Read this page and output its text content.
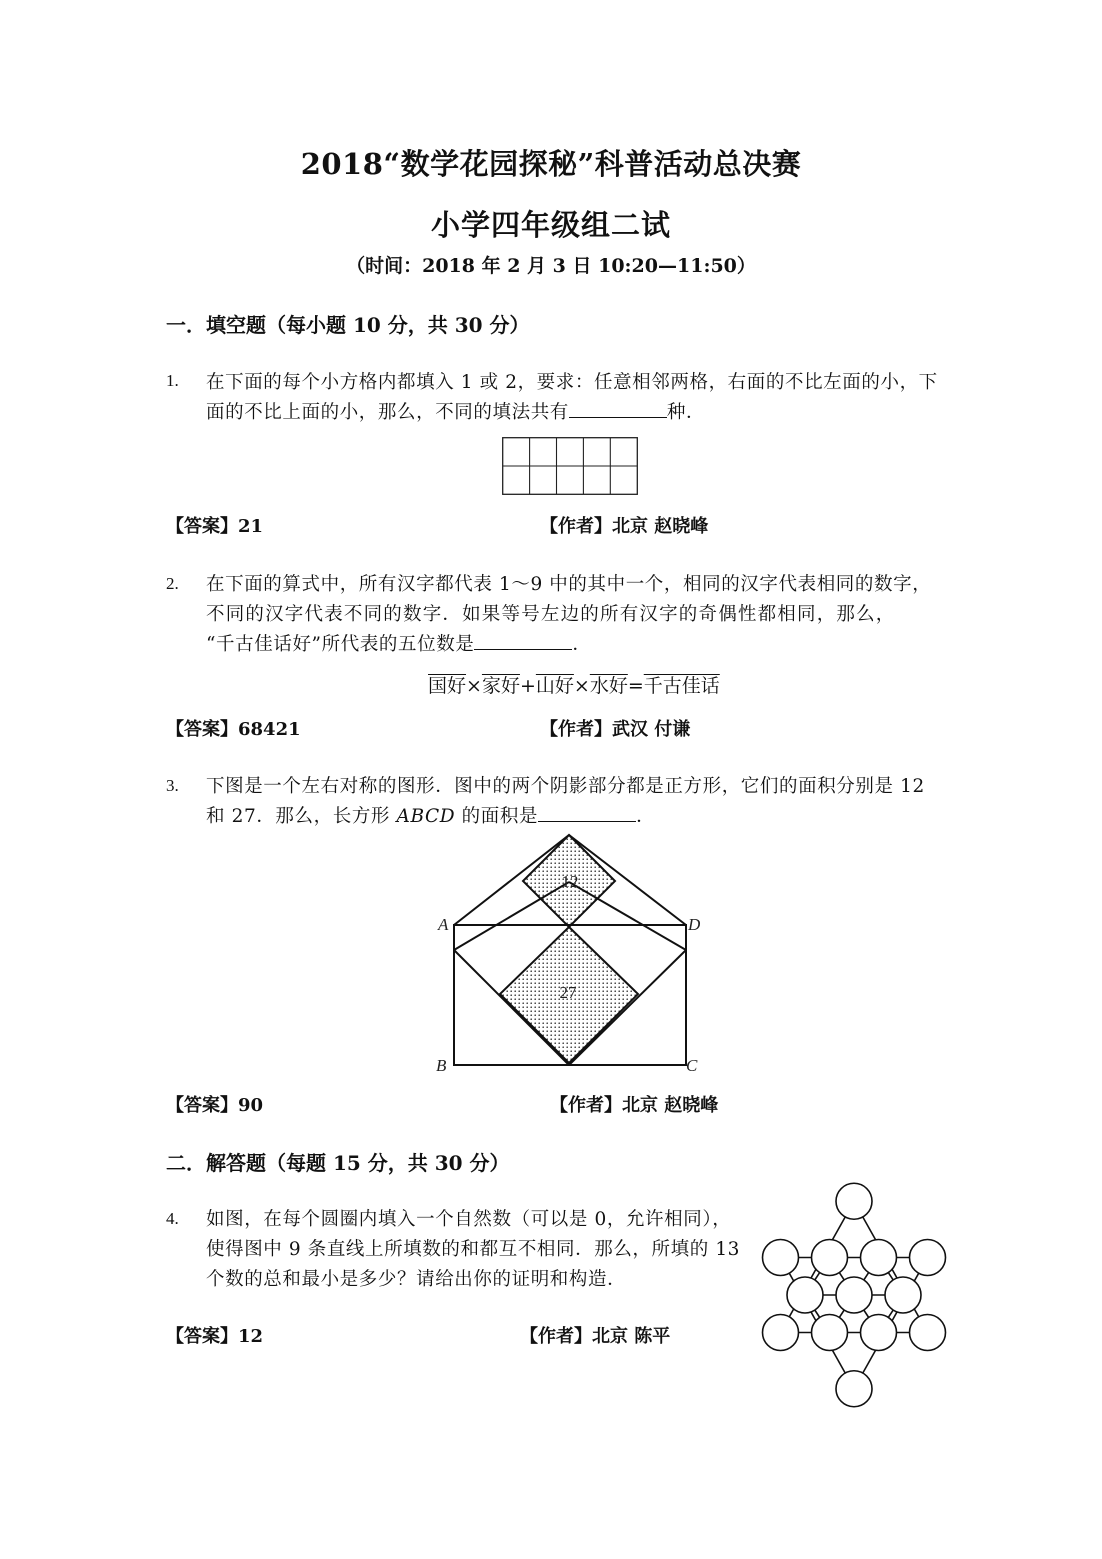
2018“数学花园探秘”科普活动总决赛
小学四年级组二试
（时间：2018 年 2 月 3 日 10:20—11:50）
一．填空题（每小题 10 分，共 30 分）
1. 在下面的每个小方格内都填入 1 或 2，要求：任意相邻两格，右面的不比左面的小，下
面的不比上面的小，那么，不同的填法共有	种．
【答案】21	【作者】北京 赵晓峰
2. 在下面的算式中，所有汉字都代表 1～9 中的其中一个，相同的汉字代表相同的数字，
不同的汉字代表不同的数字．如果等号左边的所有汉字的奇偶性都相同，那么，
“千古佳话好”所代表的五位数是	．
国好×家好+山好×水好=千古佳话
【答案】68421	【作者】武汉 付谦
3. 下图是一个左右对称的图形．图中的两个阴影部分都是正方形，它们的面积分别是 12
和 27．那么，长方形 ABCD 的面积是	．
12
27
A	D
B	C
【答案】90	【作者】北京 赵晓峰
二．解答题（每题 15 分，共 30 分）
4. 如图，在每个圆圈内填入一个自然数（可以是 0，允许相同），
使得图中 9 条直线上所填数的和都互不相同．那么，所填的 13
个数的总和最小是多少？请给出你的证明和构造．
【答案】12	【作者】北京 陈平
